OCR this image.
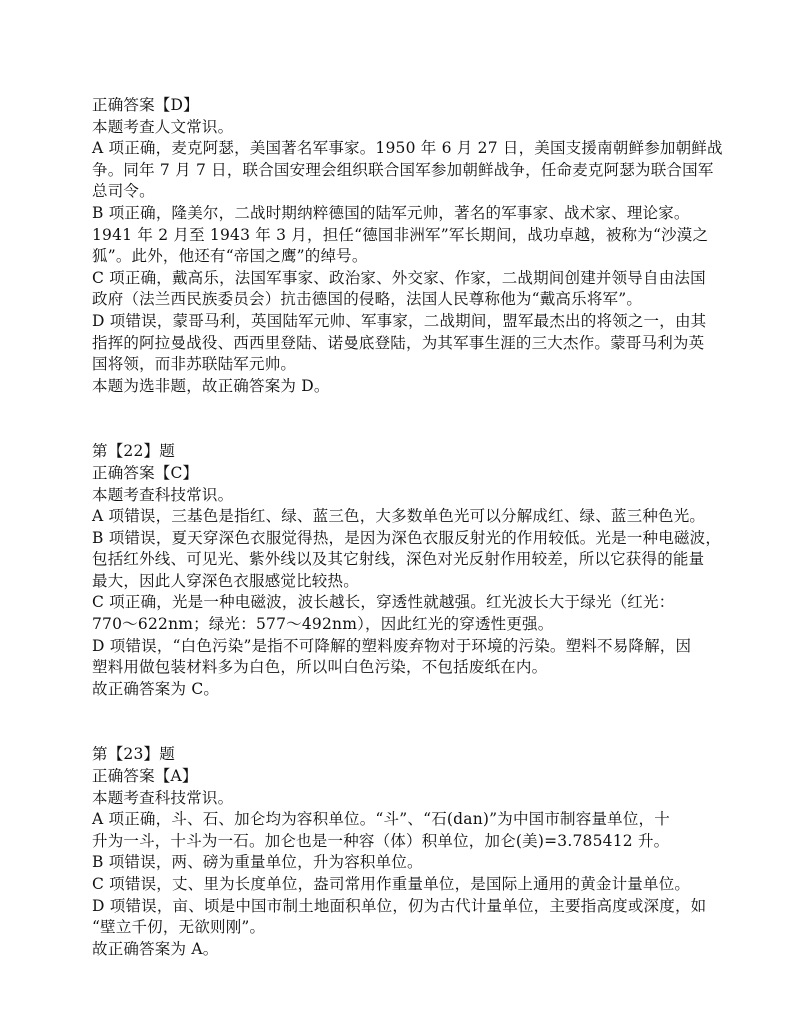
正确答案【D】
本题考查人文常识。
A 项正确，麦克阿瑟，美国著名军事家。1950 年 6 月 27 日，美国支援南朝鲜参加朝鲜战
争。同年 7 月 7 日，联合国安理会组织联合国军参加朝鲜战争，任命麦克阿瑟为联合国军
总司令。
B 项正确，隆美尔，二战时期纳粹德国的陆军元帅，著名的军事家、战术家、理论家。
1941 年 2 月至 1943 年 3 月，担任“德国非洲军”军长期间，战功卓越，被称为“沙漠之
狐”。此外，他还有“帝国之鹰”的绰号。
C 项正确，戴高乐，法国军事家、政治家、外交家、作家，二战期间创建并领导自由法国
政府（法兰西民族委员会）抗击德国的侵略，法国人民尊称他为“戴高乐将军”。
D 项错误，蒙哥马利，英国陆军元帅、军事家，二战期间，盟军最杰出的将领之一，由其
指挥的阿拉曼战役、西西里登陆、诺曼底登陆，为其军事生涯的三大杰作。蒙哥马利为英
国将领，而非苏联陆军元帅。
本题为选非题，故正确答案为 D。
第【22】题
正确答案【C】
本题考查科技常识。
A 项错误，三基色是指红、绿、蓝三色，大多数单色光可以分解成红、绿、蓝三种色光。
B 项错误，夏天穿深色衣服觉得热，是因为深色衣服反射光的作用较低。光是一种电磁波，
包括红外线、可见光、紫外线以及其它射线，深色对光反射作用较差，所以它获得的能量
最大，因此人穿深色衣服感觉比较热。
C 项正确，光是一种电磁波，波长越长，穿透性就越强。红光波长大于绿光（红光：
770～622nm；绿光：577～492nm），因此红光的穿透性更强。
D 项错误，“白色污染”是指不可降解的塑料废弃物对于环境的污染。塑料不易降解，因
塑料用做包装材料多为白色，所以叫白色污染，不包括废纸在内。
故正确答案为 C。
第【23】题
正确答案【A】
本题考查科技常识。
A 项正确，斗、石、加仑均为容积单位。“斗”、“石(dan)”为中国市制容量单位，十
升为一斗，十斗为一石。加仑也是一种容（体）积单位，加仑(美)=3.785412 升。
B 项错误，两、磅为重量单位，升为容积单位。
C 项错误，丈、里为长度单位，盎司常用作重量单位，是国际上通用的黄金计量单位。
D 项错误，亩、顷是中国市制土地面积单位，仞为古代计量单位，主要指高度或深度，如
“壁立千仞，无欲则刚”。
故正确答案为 A。
